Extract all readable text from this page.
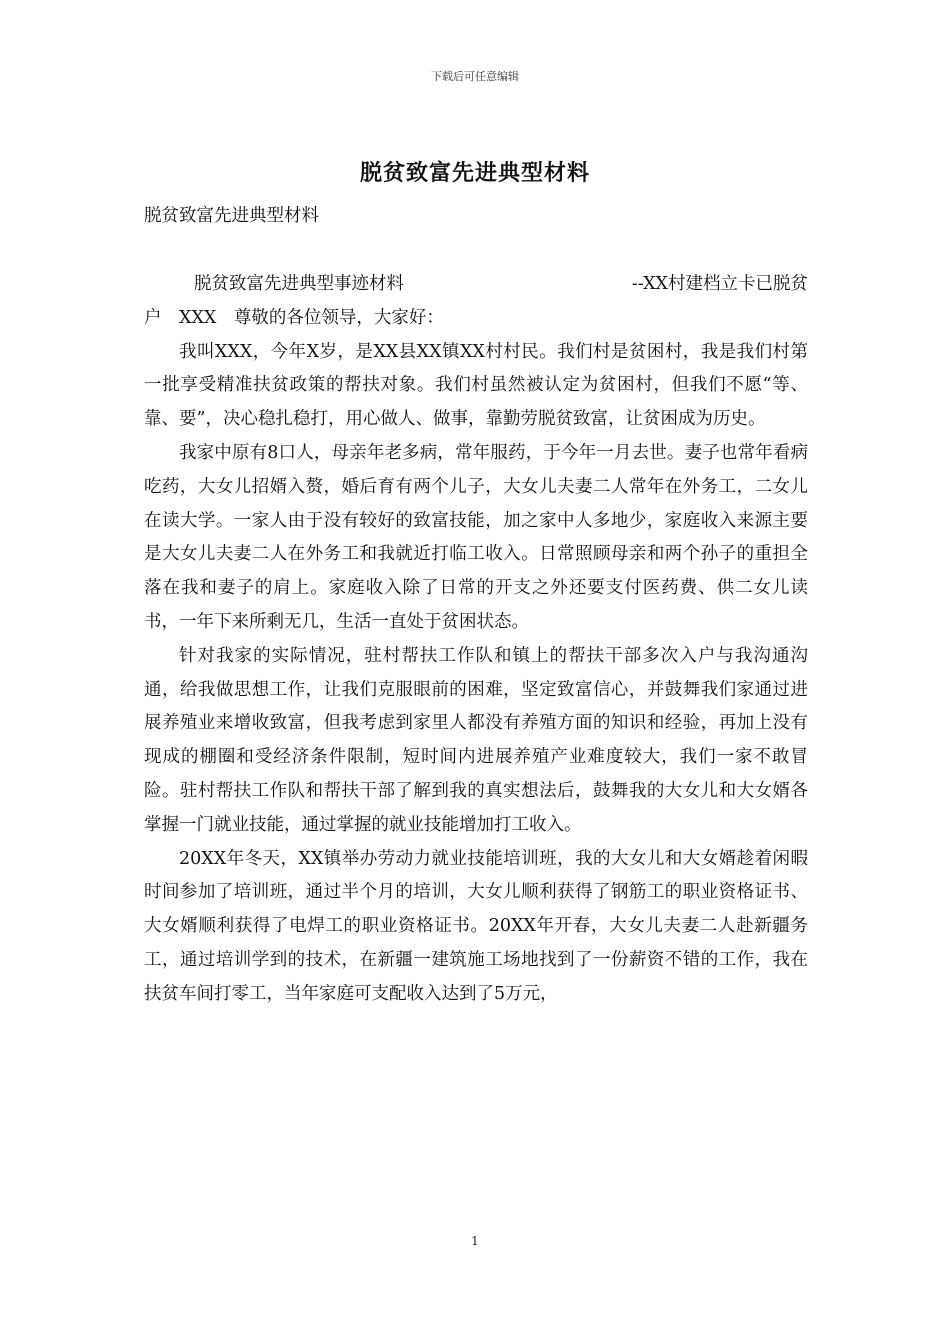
下载后可任意编辑
脱贫致富先进典型材料

脱贫致富先进典型材料

脱贫致富先进典型事迹材料	--XX村建档立卡已脱贫

户　XXX　尊敬的各位领导，大家好：

我叫XXX，今年X岁，是XX县XX镇XX村村民。我们村是贫困村，我是我们村第一批享受精准扶贫政策的帮扶对象。我们村虽然被认定为贫困村，但我们不愿“等、靠、要”，决心稳扎稳打，用心做人、做事，靠勤劳脱贫致富，让贫困成为历史。

我家中原有8口人，母亲年老多病，常年服药，于今年一月去世。妻子也常年看病吃药，大女儿招婿入赘，婚后育有两个儿子，大女儿夫妻二人常年在外务工，二女儿在读大学。一家人由于没有较好的致富技能，加之家中人多地少，家庭收入来源主要是大女儿夫妻二人在外务工和我就近打临工收入。日常照顾母亲和两个孙子的重担全落在我和妻子的肩上。家庭收入除了日常的开支之外还要支付医药费、供二女儿读书，一年下来所剩无几，生活一直处于贫困状态。

针对我家的实际情况，驻村帮扶工作队和镇上的帮扶干部多次入户与我沟通沟通，给我做思想工作，让我们克服眼前的困难，坚定致富信心，并鼓舞我们家通过进展养殖业来增收致富，但我考虑到家里人都没有养殖方面的知识和经验，再加上没有现成的棚圈和受经济条件限制，短时间内进展养殖产业难度较大，我们一家不敢冒险。驻村帮扶工作队和帮扶干部了解到我的真实想法后，鼓舞我的大女儿和大女婿各掌握一门就业技能，通过掌握的就业技能增加打工收入。

20XX年冬天，XX镇举办劳动力就业技能培训班，我的大女儿和大女婿趁着闲暇时间参加了培训班，通过半个月的培训，大女儿顺利获得了钢筋工的职业资格证书、大女婿顺利获得了电焊工的职业资格证书。20XX年开春，大女儿夫妻二人赴新疆务工，通过培训学到的技术，在新疆一建筑施工场地找到了一份薪资不错的工作，我在扶贫车间打零工，当年家庭可支配收入达到了5万元，

1
